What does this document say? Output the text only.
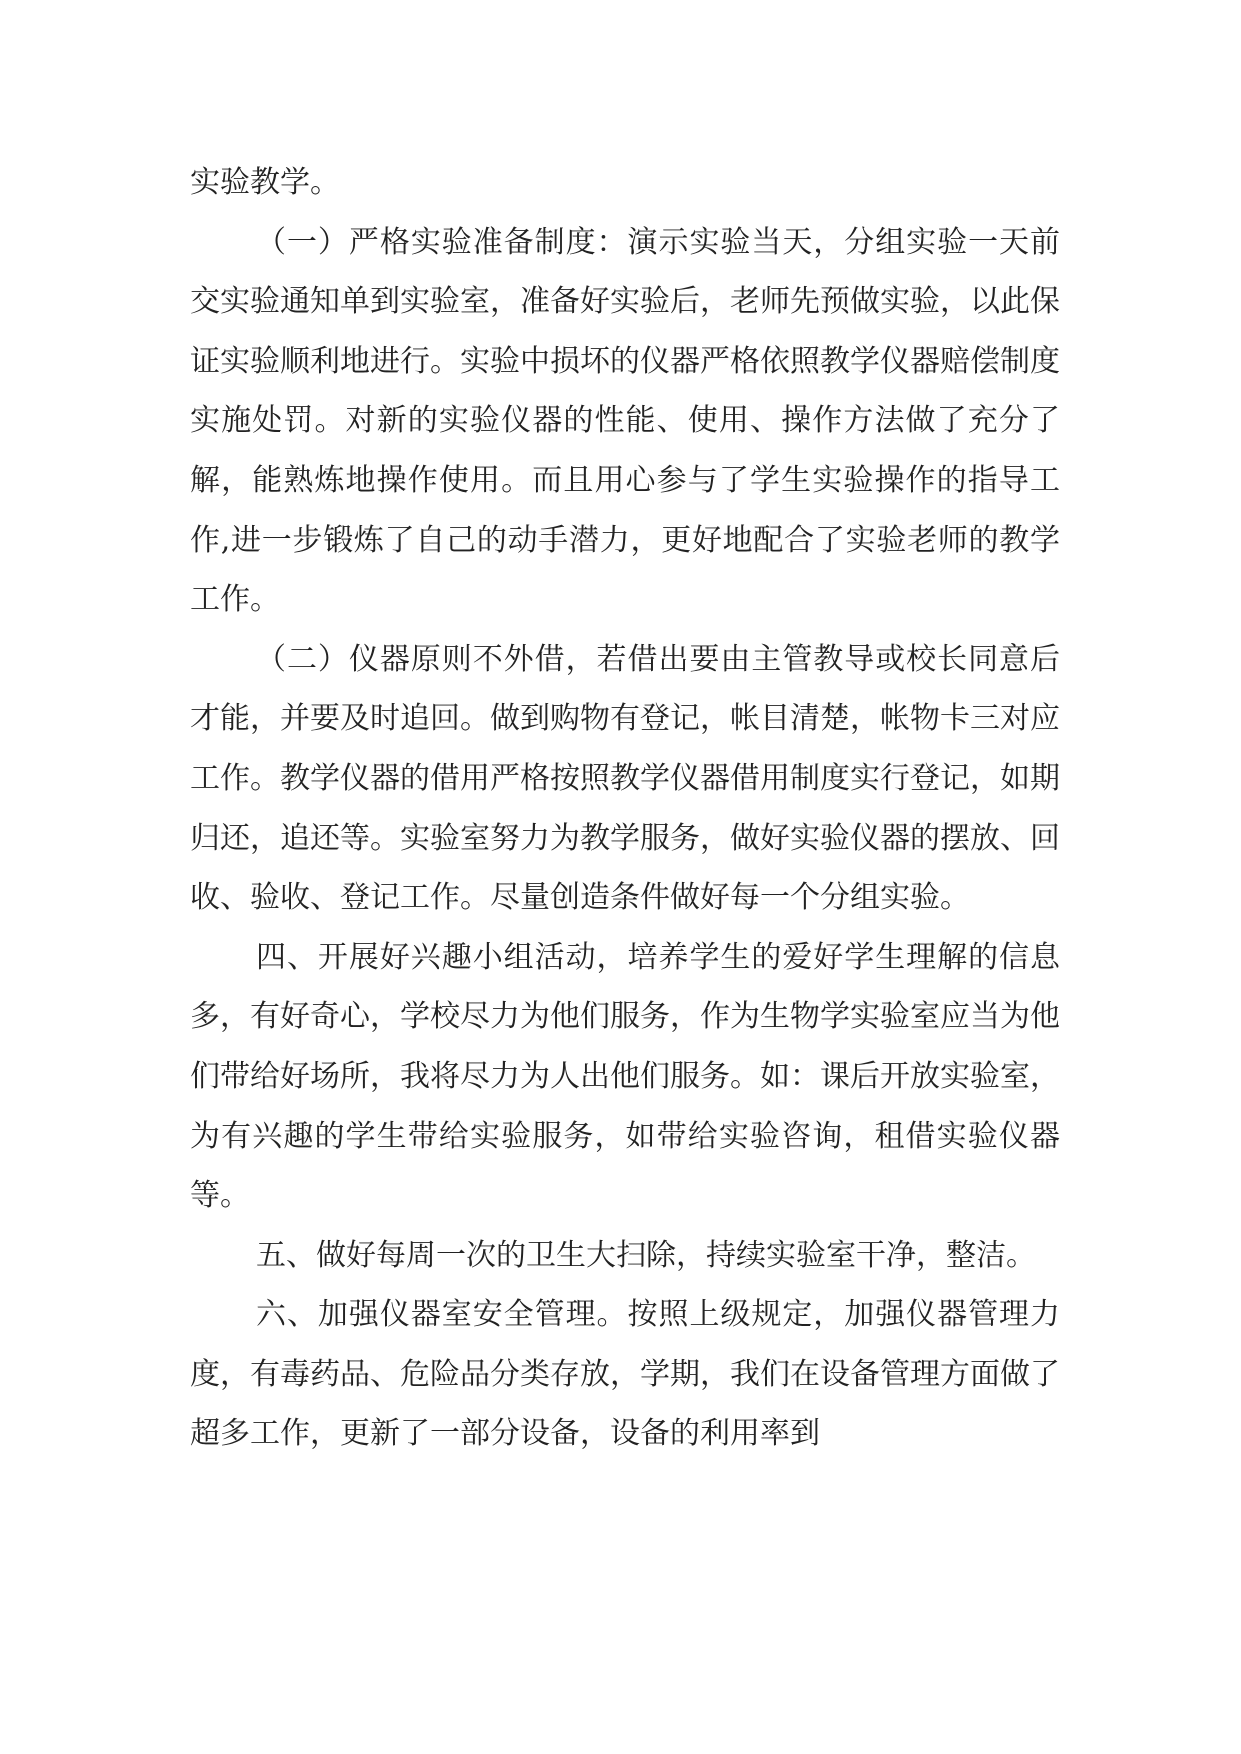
实验教学。

（一）严格实验准备制度：演示实验当天，分组实验一天前交实验通知单到实验室，准备好实验后，老师先预做实验，以此保证实验顺利地进行。实验中损坏的仪器严格依照教学仪器赔偿制度实施处罚。对新的实验仪器的性能、使用、操作方法做了充分了解，能熟炼地操作使用。而且用心参与了学生实验操作的指导工作,进一步锻炼了自己的动手潜力，更好地配合了实验老师的教学工作。

（二）仪器原则不外借，若借出要由主管教导或校长同意后才能，并要及时追回。做到购物有登记，帐目清楚，帐物卡三对应工作。教学仪器的借用严格按照教学仪器借用制度实行登记，如期归还，追还等。实验室努力为教学服务，做好实验仪器的摆放、回收、验收、登记工作。尽量创造条件做好每一个分组实验。

四、开展好兴趣小组活动，培养学生的爱好学生理解的信息多，有好奇心，学校尽力为他们服务，作为生物学实验室应当为他们带给好场所，我将尽力为人出他们服务。如：课后开放实验室，为有兴趣的学生带给实验服务，如带给实验咨询，租借实验仪器等。

五、做好每周一次的卫生大扫除，持续实验室干净，整洁。

六、加强仪器室安全管理。按照上级规定，加强仪器管理力度，有毒药品、危险品分类存放，学期，我们在设备管理方面做了超多工作，更新了一部分设备，设备的利用率到
